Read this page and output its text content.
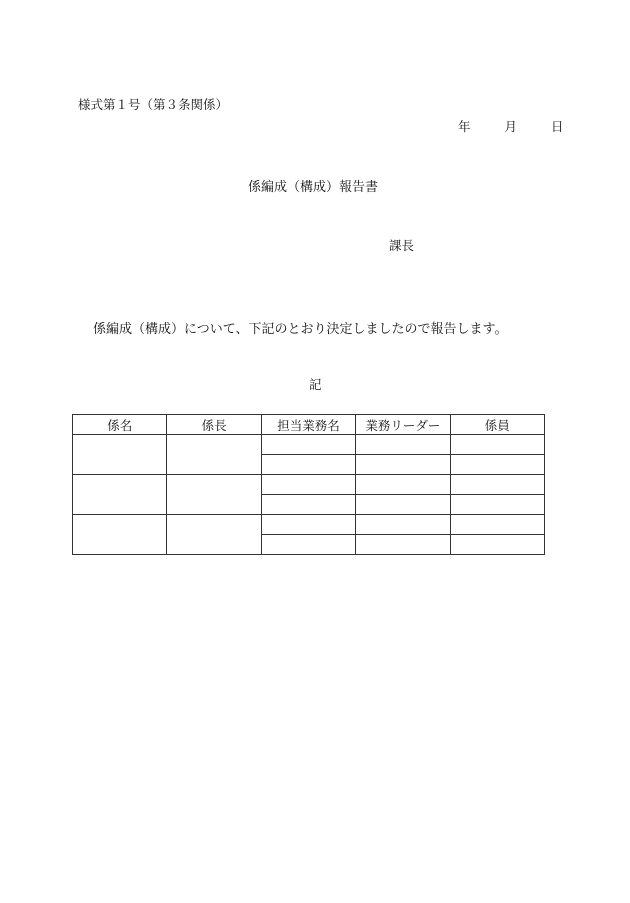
様式第１号（第３条関係）
年	月	日
係編成（構成）報告書
課長
係編成（構成）について、下記のとおり決定しましたので報告します。
記
係名	係長	担当業務名	業務リーダー	係員
